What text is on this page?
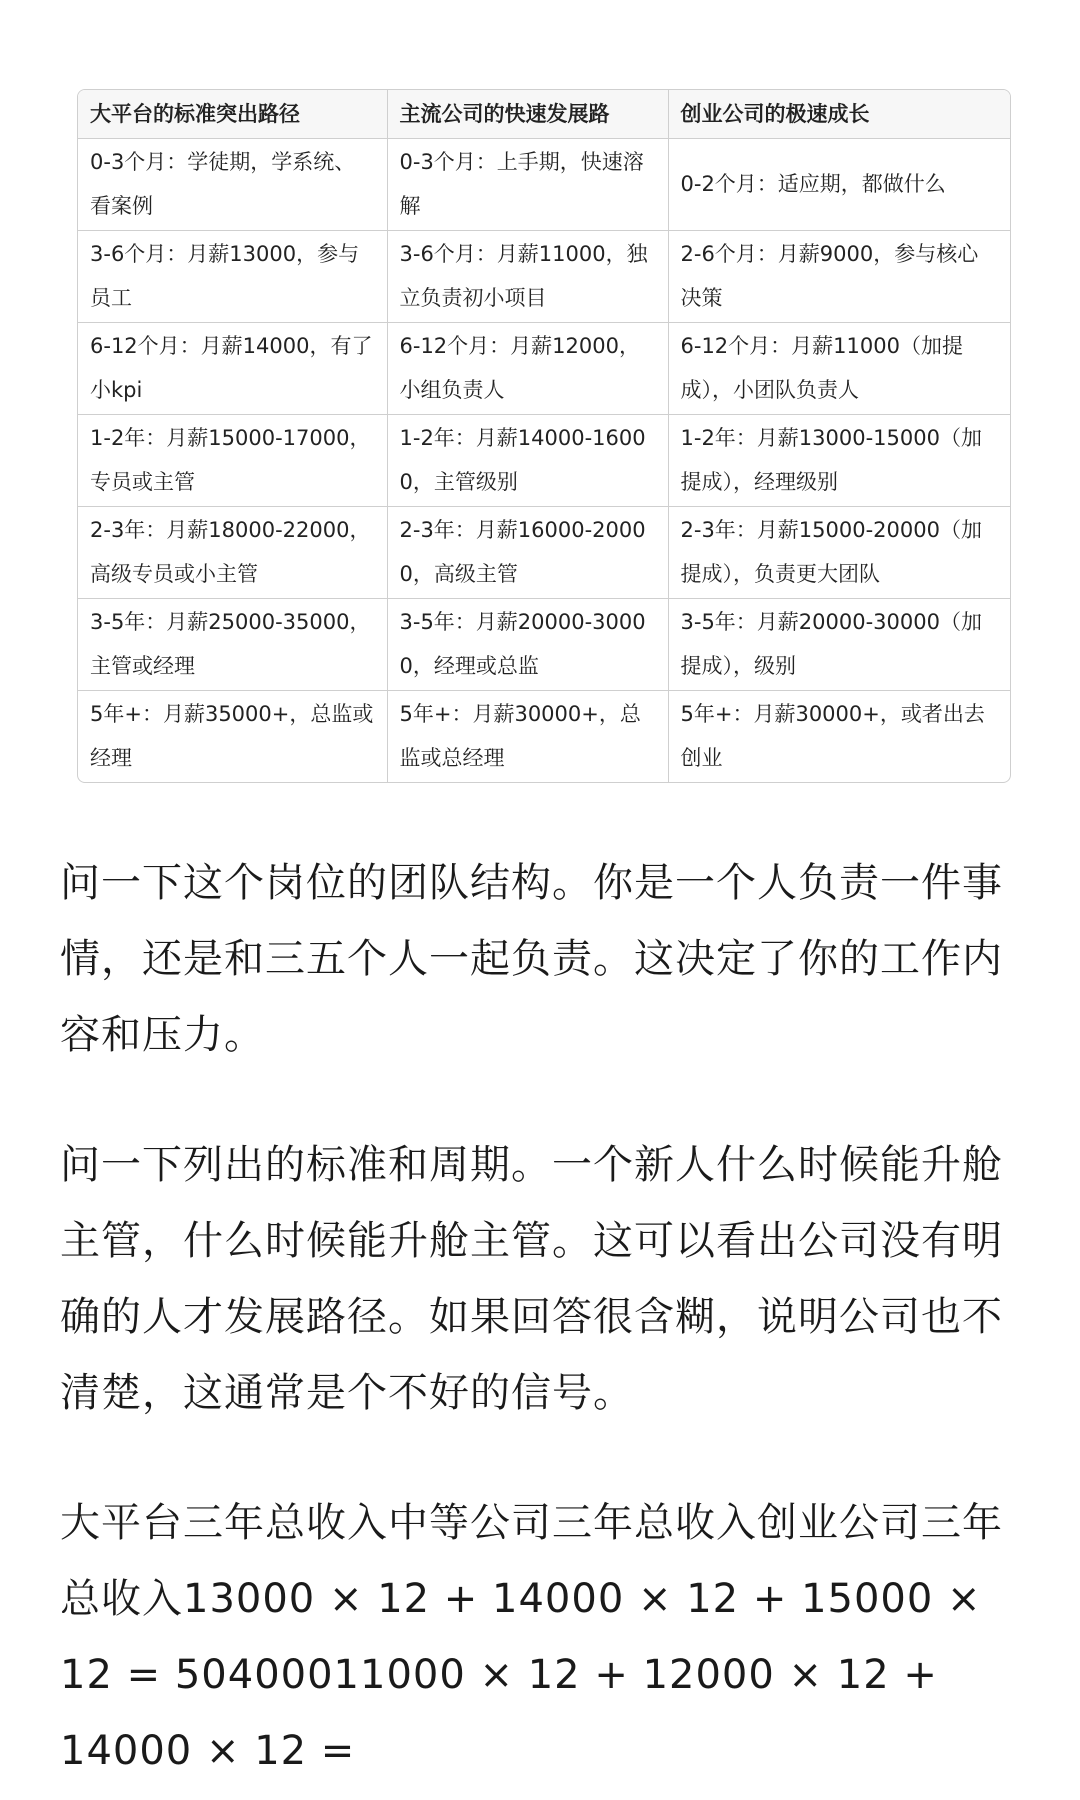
大平台的标准突出路径	主流公司的快速发展路	创业公司的极速成长
0-3个月：学徒期，学系统、看案例	0-3个月：上手期，快速溶解	0-2个月：适应期，都做什么
3-6个月：月薪13000，参与员工	3-6个月：月薪11000，独立负责初小项目	2-6个月：月薪9000，参与核心决策
6-12个月：月薪14000，有了小kpi	6-12个月：月薪12000，小组负责人	6-12个月：月薪11000（加提成），小团队负责人
1-2年：月薪15000-17000，专员或主管	1-2年：月薪14000-16000，主管级别	1-2年：月薪13000-15000（加提成），经理级别
2-3年：月薪18000-22000，高级专员或小主管	2-3年：月薪16000-20000，高级主管	2-3年：月薪15000-20000（加提成），负责更大团队
3-5年：月薪25000-35000，主管或经理	3-5年：月薪20000-30000，经理或总监	3-5年：月薪20000-30000（加提成），级别
5年+：月薪35000+，总监或经理	5年+：月薪30000+，总监或总经理	5年+：月薪30000+，或者出去创业

问一下这个岗位的团队结构。你是一个人负责一件事情，还是和三五个人一起负责。这决定了你的工作内容和压力。

问一下列出的标准和周期。一个新人什么时候能升舱主管，什么时候能升舱主管。这可以看出公司没有明确的人才发展路径。如果回答很含糊，说明公司也不清楚，这通常是个不好的信号。

大平台三年总收入中等公司三年总收入创业公司三年总收入13000 × 12 + 14000 × 12 + 15000 × 12 = 50400011000 × 12 + 12000 × 12 + 14000 × 12 =
